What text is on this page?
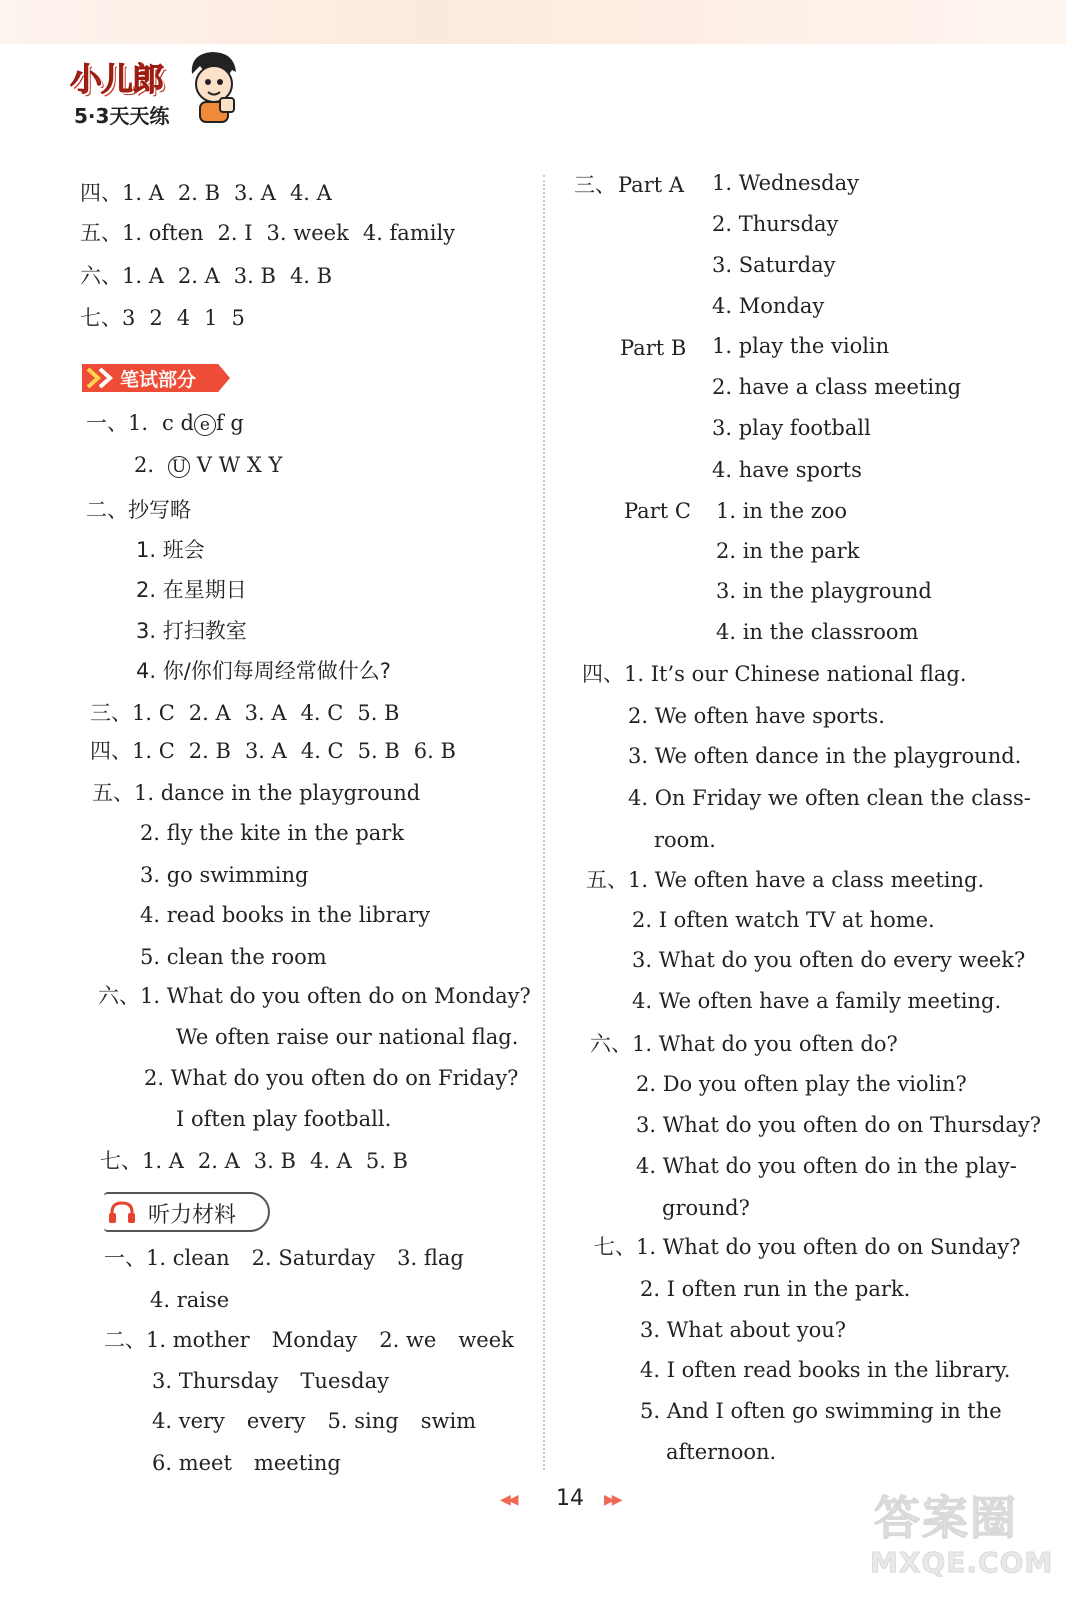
小儿郎
5·3天天练
四、1. A 2. B 3. A 4. A
五、1. often 2. I 3. week 4. family
六、1. A 2. A 3. B 4. B
七、3 2 4 1 5
笔试部分
一、1. c d e f g
2. U V W X Y
二、抄写略
1. 班会
2. 在星期日
3. 打扫教室
4. 你/你们每周经常做什么?
三、1. C 2. A 3. A 4. C 5. B
四、1. C 2. B 3. A 4. C 5. B 6. B
五、1. dance in the playground
2. fly the kite in the park
3. go swimming
4. read books in the library
5. clean the room
六、1. What do you often do on Monday?
We often raise our national flag.
2. What do you often do on Friday?
I often play football.
七、1. A 2. A 3. B 4. A 5. B
听力材料
一、1. clean 2. Saturday 3. flag
4. raise
二、1. mother Monday 2. we week
3. Thursday Tuesday
4. very every 5. sing swim
6. meet meeting
三、 Part A 1. Wednesday
2. Thursday
3. Saturday
4. Monday
Part B 1. play the violin
2. have a class meeting
3. play football
4. have sports
Part C 1. in the zoo
2. in the park
3. in the playground
4. in the classroom
四、1. It’s our Chinese national flag.
2. We often have sports.
3. We often dance in the playground.
4. On Friday we often clean the class-
room.
五、1. We often have a class meeting.
2. I often watch TV at home.
3. What do you often do every week?
4. We often have a family meeting.
六、1. What do you often do?
2. Do you often play the violin?
3. What do you often do on Thursday?
4. What do you often do in the play-
ground?
七、1. What do you often do on Sunday?
2. I often run in the park.
3. What about you?
4. I often read books in the library.
5. And I often go swimming in the
afternoon.
◀◀ 14 ▶▶	答案圈
MXQE.COM
